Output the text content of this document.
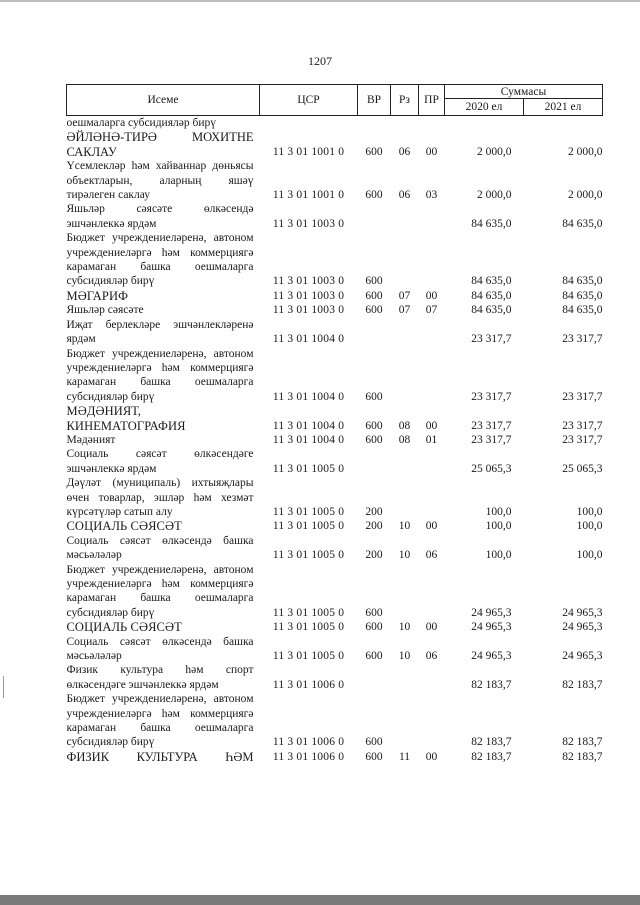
1207
Исеме	ЦСР	ВР	Рз	ПР	Суммасы	
					2020 ел	2021 ел
оешмаларга субсидияләр бирү						
ӘЙЛӘНӘ-ТИРӘ МОХИТНЕ САКЛАУ	11 3 01 1001 0	600	06	00	2 000,0	2 000,0
Үсемлекләр һәм хайваннар дөньясы объектларын, аларның яшәү тирәлеген саклау	11 3 01 1001 0	600	06	03	2 000,0	2 000,0
Яшьләр сәясәте өлкәсендә эшчәнлеккә ярдәм	11 3 01 1003 0				84 635,0	84 635,0
Бюджет учреждениеләренә, автоном учреждениеләргә һәм коммерциягә карамаган башка оешмаларга субсидияләр бирү	11 3 01 1003 0	600			84 635,0	84 635,0
МӘГАРИФ	11 3 01 1003 0	600	07	00	84 635,0	84 635,0
Яшьләр сәясәте	11 3 01 1003 0	600	07	07	84 635,0	84 635,0
Иҗат берлекләре эшчәнлекләренә ярдәм	11 3 01 1004 0				23 317,7	23 317,7
Бюджет учреждениеләренә, автоном учреждениеләргә һәм коммерциягә карамаган башка оешмаларга субсидияләр бирү	11 3 01 1004 0	600			23 317,7	23 317,7
МӘДӘНИЯТ, КИНЕМАТОГРАФИЯ	11 3 01 1004 0	600	08	00	23 317,7	23 317,7
Мәдәният	11 3 01 1004 0	600	08	01	23 317,7	23 317,7
Социаль сәясәт өлкәсендәге эшчәнлеккә ярдәм	11 3 01 1005 0				25 065,3	25 065,3
Дәүләт (муниципаль) ихтыяҗлары өчен товарлар, эшләр һәм хезмәт күрсәтүләр сатып алу	11 3 01 1005 0	200			100,0	100,0
СОЦИАЛЬ СӘЯСӘТ	11 3 01 1005 0	200	10	00	100,0	100,0
Социаль сәясәт өлкәсендә башка мәсьәләләр	11 3 01 1005 0	200	10	06	100,0	100,0
Бюджет учреждениеләренә, автоном учреждениеләргә һәм коммерциягә карамаган башка оешмаларга субсидияләр бирү	11 3 01 1005 0	600			24 965,3	24 965,3
СОЦИАЛЬ СӘЯСӘТ	11 3 01 1005 0	600	10	00	24 965,3	24 965,3
Социаль сәясәт өлкәсендә башка мәсьәләләр	11 3 01 1005 0	600	10	06	24 965,3	24 965,3
Физик культура һәм спорт өлкәсендәге эшчәнлеккә ярдәм	11 3 01 1006 0				82 183,7	82 183,7
Бюджет учреждениеләренә, автоном учреждениеләргә һәм коммерциягә карамаган башка оешмаларга субсидияләр бирү	11 3 01 1006 0	600			82 183,7	82 183,7
ФИЗИК КУЛЬТУРА ҺӘМ	11 3 01 1006 0	600	11	00	82 183,7	82 183,7
